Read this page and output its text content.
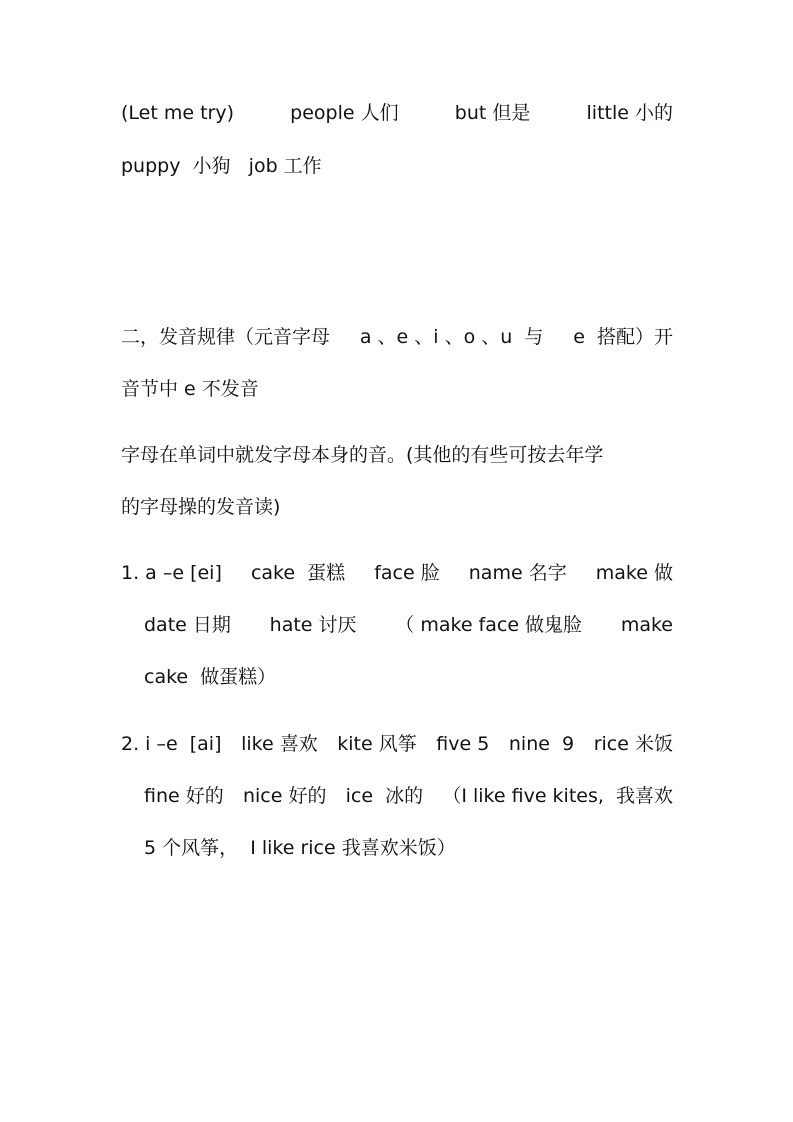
(Let me try)	people 人们	but 但是	little 小的
puppy  小狗   job 工作
二，发音规律（元音字母 a 、e 、i 、o 、u  与 e  搭配）开
音节中 e 不发音
字母在单词中就发字母本身的音。(其他的有些可按去年学
的字母操的发音读)
1. a –e [ei] cake  蛋糕 face 脸 name 名字 make 做
date 日期 hate 讨厌 （ make face 做鬼脸 make
cake  做蛋糕）
2. i –e  [ai] like 喜欢 kite 风筝 five 5 nine  9 rice 米饭
fine 好的 nice 好的 ice  冰的 （I like five kites,  我喜欢
5 个风筝，  I like rice 我喜欢米饭）
